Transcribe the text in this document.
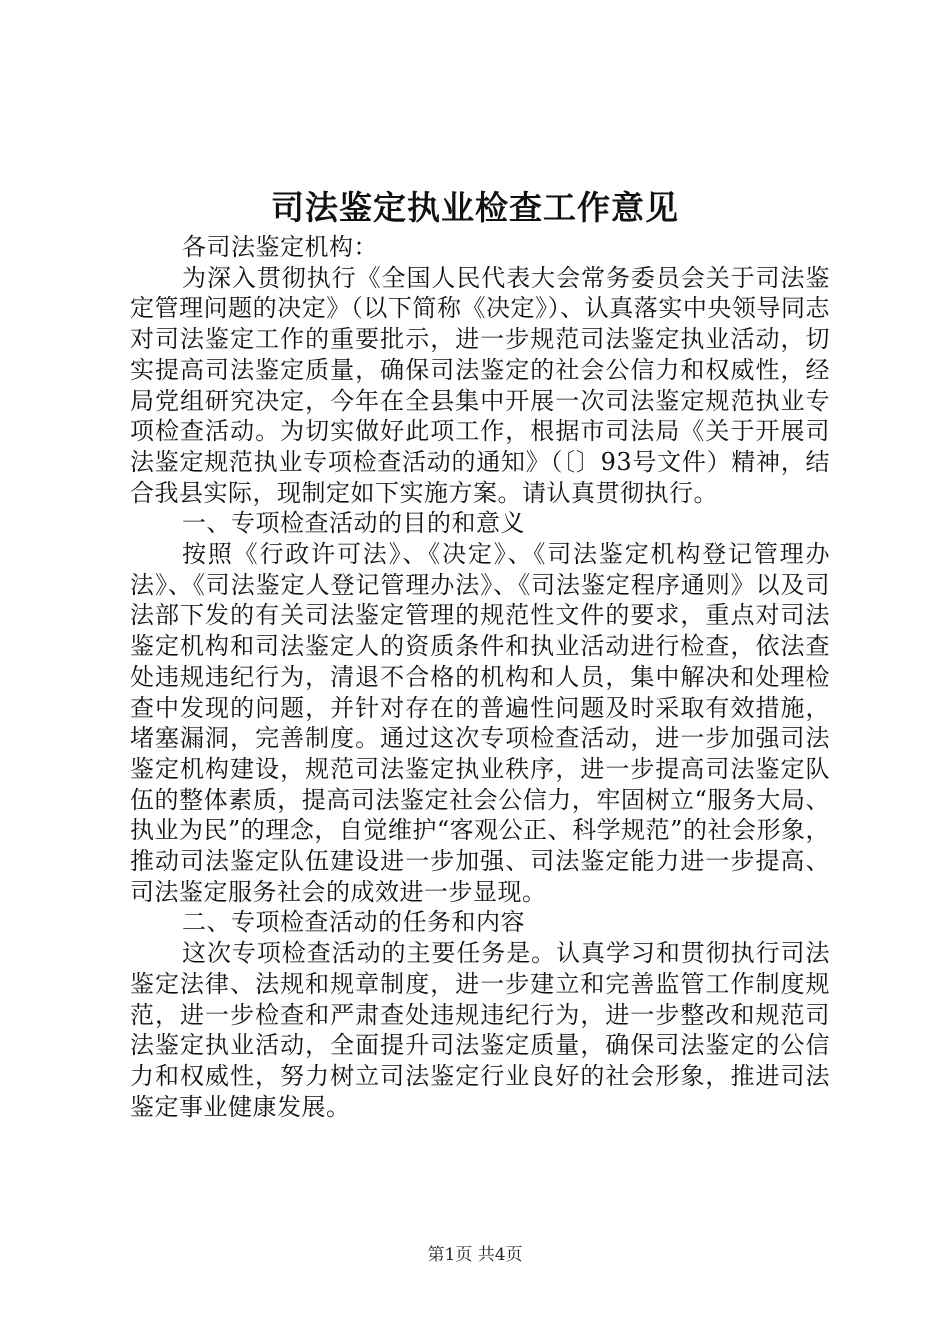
司法鉴定执业检查工作意见

各司法鉴定机构：

为深入贯彻执行《全国人民代表大会常务委员会关于司法鉴定管理问题的决定》（以下简称《决定》）、认真落实中央领导同志对司法鉴定工作的重要批示，进一步规范司法鉴定执业活动，切实提高司法鉴定质量，确保司法鉴定的社会公信力和权威性，经局党组研究决定，今年在全县集中开展一次司法鉴定规范执业专项检查活动。为切实做好此项工作，根据市司法局《关于开展司法鉴定规范执业专项检查活动的通知》（〔〕93号文件）精神，结合我县实际，现制定如下实施方案。请认真贯彻执行。

一、专项检查活动的目的和意义

按照《行政许可法》、《决定》、《司法鉴定机构登记管理办法》、《司法鉴定人登记管理办法》、《司法鉴定程序通则》以及司法部下发的有关司法鉴定管理的规范性文件的要求，重点对司法鉴定机构和司法鉴定人的资质条件和执业活动进行检查，依法查处违规违纪行为，清退不合格的机构和人员，集中解决和处理检查中发现的问题，并针对存在的普遍性问题及时采取有效措施，堵塞漏洞，完善制度。通过这次专项检查活动，进一步加强司法鉴定机构建设，规范司法鉴定执业秩序，进一步提高司法鉴定队伍的整体素质，提高司法鉴定社会公信力，牢固树立“服务大局、执业为民”的理念，自觉维护“客观公正、科学规范”的社会形象，推动司法鉴定队伍建设进一步加强、司法鉴定能力进一步提高、司法鉴定服务社会的成效进一步显现。

二、专项检查活动的任务和内容

这次专项检查活动的主要任务是。认真学习和贯彻执行司法鉴定法律、法规和规章制度，进一步建立和完善监管工作制度规范，进一步检查和严肃查处违规违纪行为，进一步整改和规范司法鉴定执业活动，全面提升司法鉴定质量，确保司法鉴定的公信力和权威性，努力树立司法鉴定行业良好的社会形象，推进司法鉴定事业健康发展。

第1页 共4页
